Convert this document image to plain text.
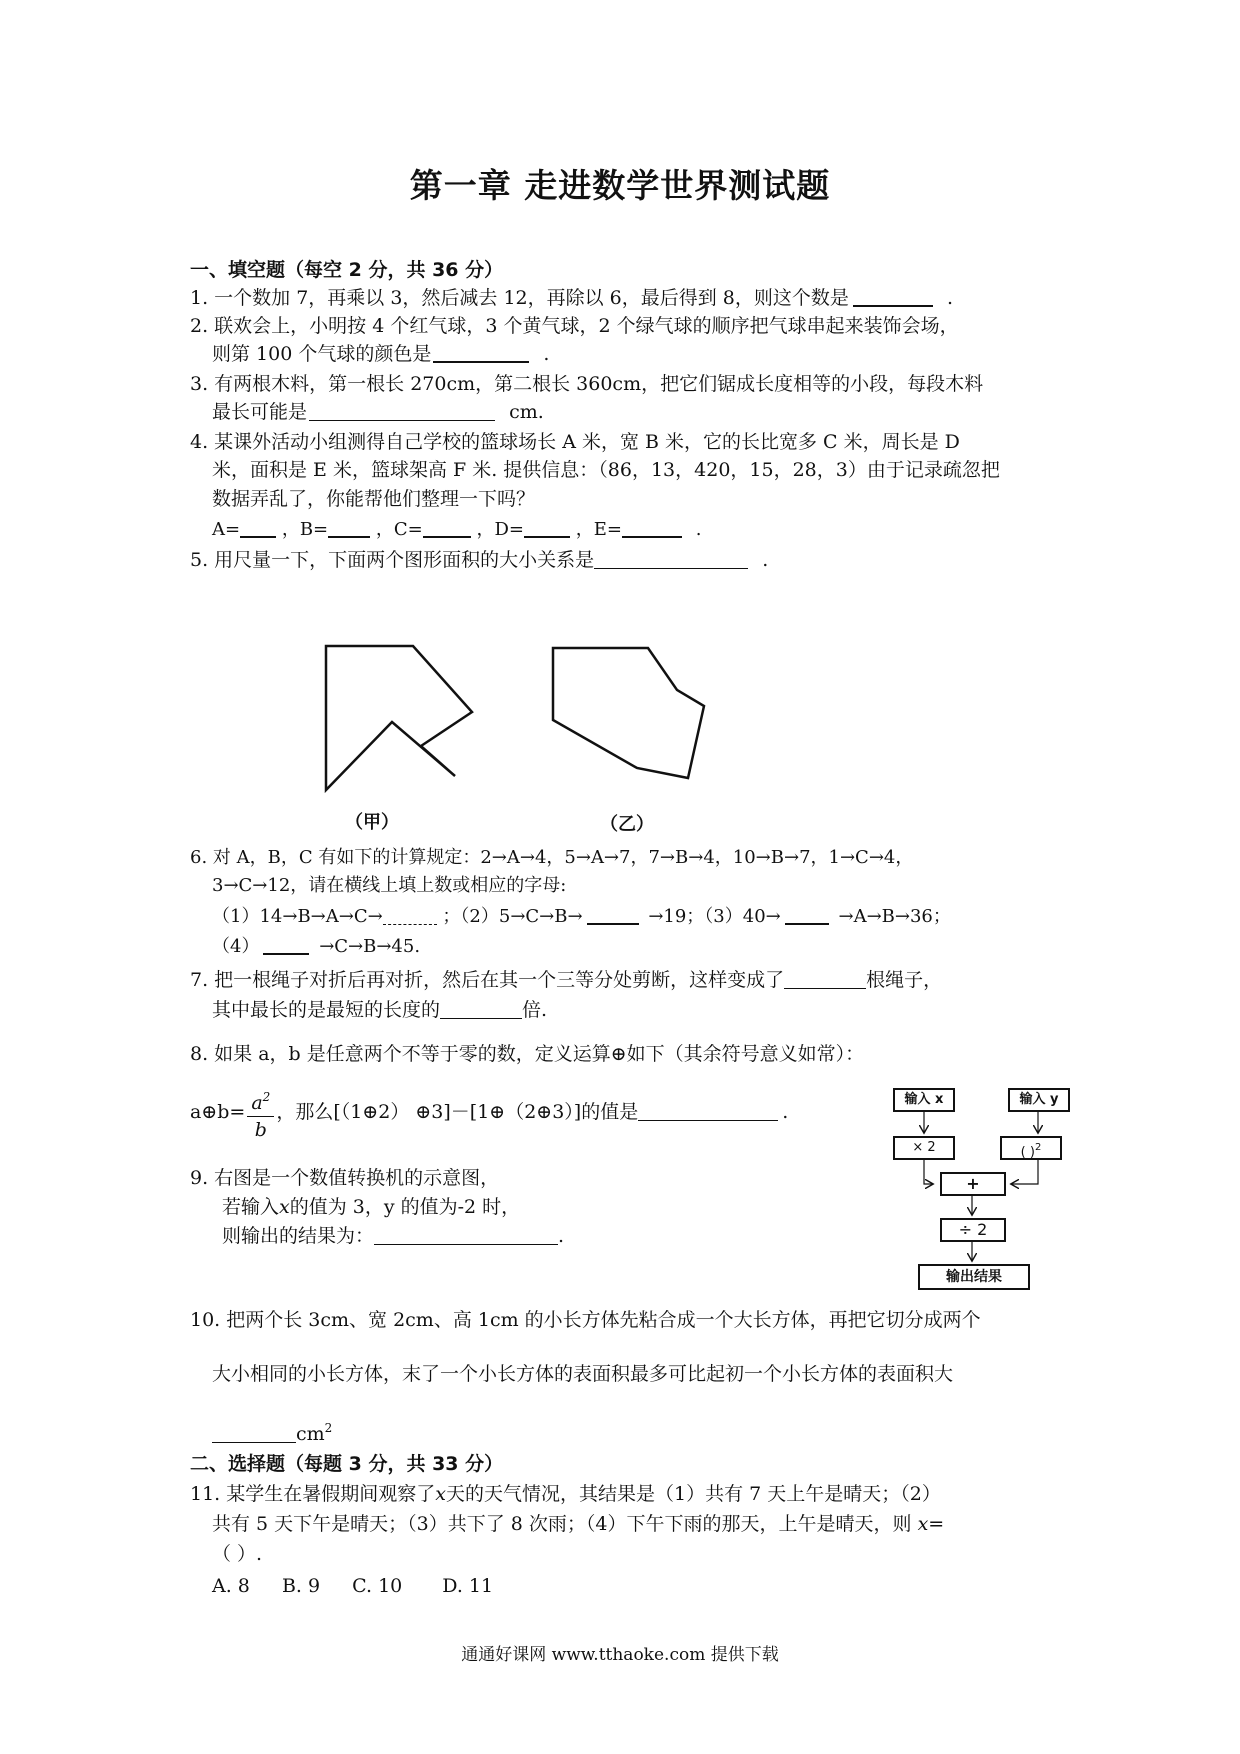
第一章 走进数学世界测试题
一、填空题（每空 2 分，共 36 分）
1. 一个数加 7，再乘以 3，然后减去 12，再除以 6，最后得到 8，则这个数是	.
2. 联欢会上，小明按 4 个红气球，3 个黄气球，2 个绿气球的顺序把气球串起来装饰会场，
则第 100 个气球的颜色是	.
3. 有两根木料，第一根长 270cm，第二根长 360cm，把它们锯成长度相等的小段，每段木料
最长可能是	cm.
4. 某课外活动小组测得自己学校的篮球场长 A 米，宽 B 米，它的长比宽多 C 米，周长是 D
米，面积是 E 米，篮球架高 F 米. 提供信息：（86，13，420，15，28，3）由于记录疏忽把
数据弄乱了，你能帮他们整理一下吗？
A= ，B=	，C=	，D=	，E=	.
5. 用尺量一下，下面两个图形面积的大小关系是	.
（甲）	（乙）
6. 对 A，B，C 有如下的计算规定：2→A→4，5→A→7，7→B→4，10→B→7，1→C→4，
3→C→12，请在横线上填上数或相应的字母:
（1）14→B→A→C→	；（2）5→C→B→	→19；（3）40→	→A→B→36；
（4）	→C→B→45.
7. 把一根绳子对折后再对折，然后在其一个三等分处剪断，这样变成了	根绳子，
其中最长的是最短的长度的	倍.
8. 如果 a，b 是任意两个不等于零的数，定义运算⊕如下（其余符号意义如常）：
a⊕b= $\frac{a^2}{b}$ ，那么[（1⊕2） ⊕3]－[1⊕（2⊕3）]的值是	.
9. 右图是一个数值转换机的示意图，
若输入x的值为 3，y 的值为-2 时，
则输出的结果为：	.
输入 x	输入 y
× 2	( )$^2$
+
÷ 2
输出结果
10. 把两个长 3cm、宽 2cm、高 1cm 的小长方体先粘合成一个大长方体，再把它切分成两个
大小相同的小长方体，末了一个小长方体的表面积最多可比起初一个小长方体的表面积大
$cm^2$
二、选择题（每题 3 分，共 33 分）
11. 某学生在暑假期间观察了x天的天气情况，其结果是（1）共有 7 天上午是晴天；（2）
共有 5 天下午是晴天；（3）共下了 8 次雨；（4）下午下雨的那天，上午是晴天，则 x=
（ ）.
A. 8 B. 9 C. 10 D. 11
通通好课网 www.tthaoke.com 提供下载
